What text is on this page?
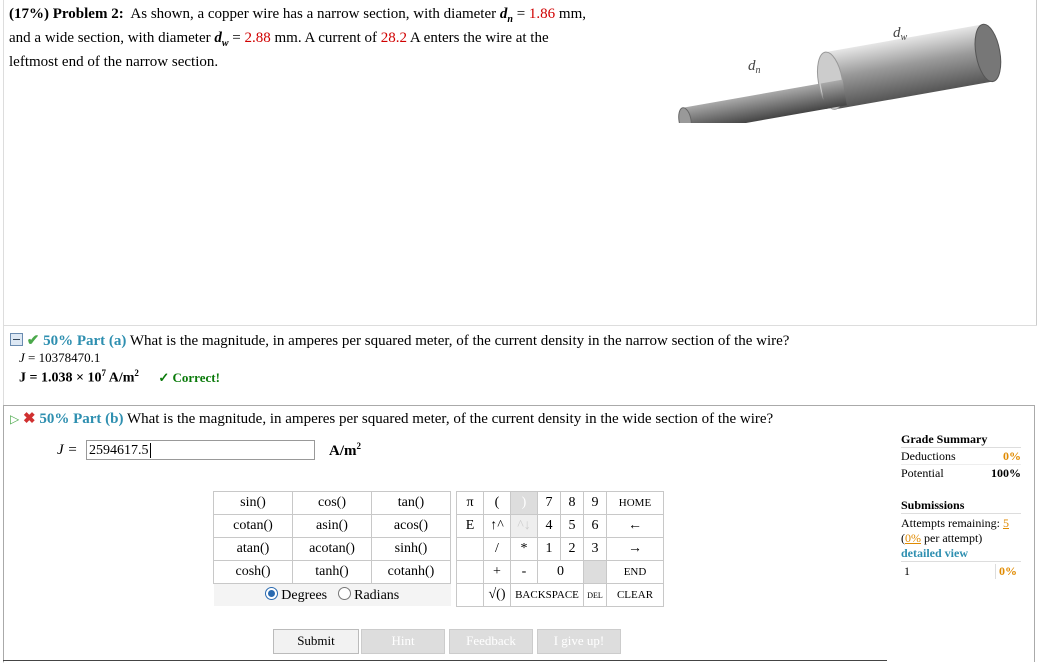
(17%) Problem 2: As shown, a copper wire has a narrow section, with diameter $d_n = 1.86$ mm,
and a wide section, with diameter $d_w = 2.88$ mm. A current of 28.2 A enters the wire at the
leftmost end of the narrow section.	$d_n$
$d_w$
✔ 50% Part (a) What is the magnitude, in amperes per squared meter, of the current density in the narrow section of the wire?
J = 10378470.1
$J = 1.038 \times 10^7$ $A/m^2$ ✓ Correct!
▷ ✖ 50% Part (b) What is the magnitude, in amperes per squared meter, of the current density in the wide section of the wire?
J = 2594617.5	$A/m^2$
sin()	cos()	tan()
cotan()	asin()	acos()
atan()	acotan()	sinh()
cosh()	tanh()	cotanh()

Degrees Radians		
π	(	)	7	8	9	HOME
E	↑^	^↓	4	5	6	←
	/	*	1	2	3	→
	+	-	0			END
	√()	BACKSPACE			DEL	CLEAR
Submit	Hint	Feedback	I give up!
Grade Summary
Deductions	0%
Potential	100%
Submissions
Attempts remaining: 5
(0% per attempt)
detailed view
1	0%
